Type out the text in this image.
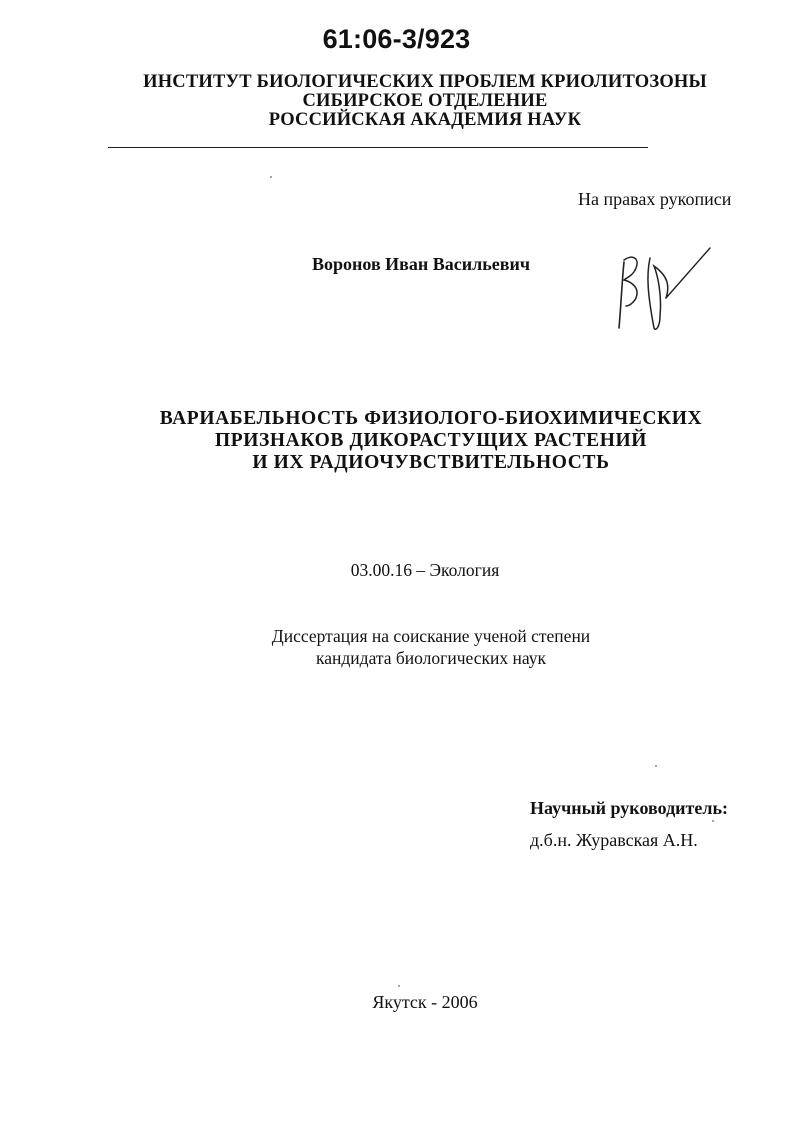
61:06-3/923
ИНСТИТУТ БИОЛОГИЧЕСКИХ ПРОБЛЕМ КРИОЛИТОЗОНЫ
СИБИРСКОЕ ОТДЕЛЕНИЕ
РОССИЙСКАЯ АКАДЕМИЯ НАУК
На правах рукописи
Воронов Иван Васильевич
ВАРИАБЕЛЬНОСТЬ ФИЗИОЛОГО-БИОХИМИЧЕСКИХ
ПРИЗНАКОВ ДИКОРАСТУЩИХ РАСТЕНИЙ
И ИХ РАДИОЧУВСТВИТЕЛЬНОСТЬ
03.00.16 – Экология
Диссертация на соискание ученой степени
кандидата биологических наук
Научный руководитель:
д.б.н. Журавская А.Н.
Якутск - 2006
